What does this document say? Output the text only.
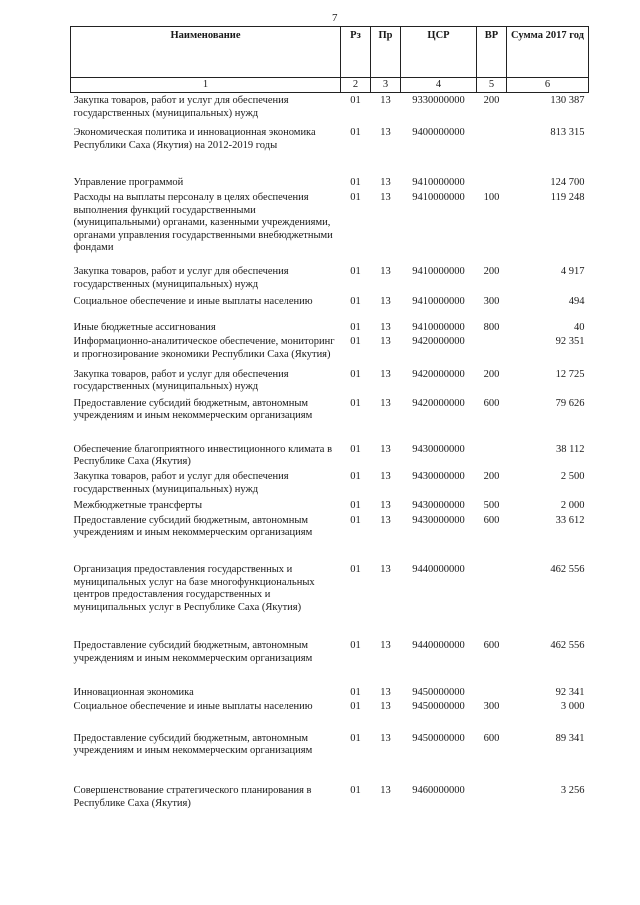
7
Наименование	Рз	Пр	ЦСР	ВР	Сумма 2017 год
1	2	3	4	5	6
Закупка товаров, работ и услуг для обеспечения государственных (муниципальных) нужд	01	13	9330000000	200	130 387
Экономическая политика и инновационная экономика Республики Саха (Якутия) на 2012-2019 годы	01	13	9400000000		813 315
Управление программой	01	13	9410000000		124 700
Расходы на выплаты персоналу в целях обеспечения выполнения функций государственными (муниципальными) органами, казенными учреждениями, органами управления государственными внебюджетными фондами	01	13	9410000000	100	119 248
Закупка товаров, работ и услуг для обеспечения государственных (муниципальных) нужд	01	13	9410000000	200	4 917
Социальное обеспечение и иные выплаты населению	01	13	9410000000	300	494
Иные бюджетные ассигнования	01	13	9410000000	800	40
Информационно-аналитическое обеспечение, мониторинг и прогнозирование экономики Республики Саха (Якутия)	01	13	9420000000		92 351
Закупка товаров, работ и услуг для обеспечения государственных (муниципальных) нужд	01	13	9420000000	200	12 725
Предоставление субсидий бюджетным, автономным учреждениям и иным некоммерческим организациям	01	13	9420000000	600	79 626
Обеспечение благоприятного инвестиционного климата в Республике Саха (Якутия)	01	13	9430000000		38 112
Закупка товаров, работ и услуг для обеспечения государственных (муниципальных) нужд	01	13	9430000000	200	2 500
Межбюджетные трансферты	01	13	9430000000	500	2 000
Предоставление субсидий бюджетным, автономным учреждениям и иным некоммерческим организациям	01	13	9430000000	600	33 612
Организация предоставления государственных и муниципальных услуг на базе многофункциональных центров предоставления государственных и муниципальных услуг в Республике Саха (Якутия)	01	13	9440000000		462 556
Предоставление субсидий бюджетным, автономным учреждениям и иным некоммерческим организациям	01	13	9440000000	600	462 556
Инновационная экономика	01	13	9450000000		92 341
Социальное обеспечение и иные выплаты населению	01	13	9450000000	300	3 000
Предоставление субсидий бюджетным, автономным учреждениям и иным некоммерческим организациям	01	13	9450000000	600	89 341
Совершенствование стратегического планирования в Республике Саха (Якутия)	01	13	9460000000		3 256
